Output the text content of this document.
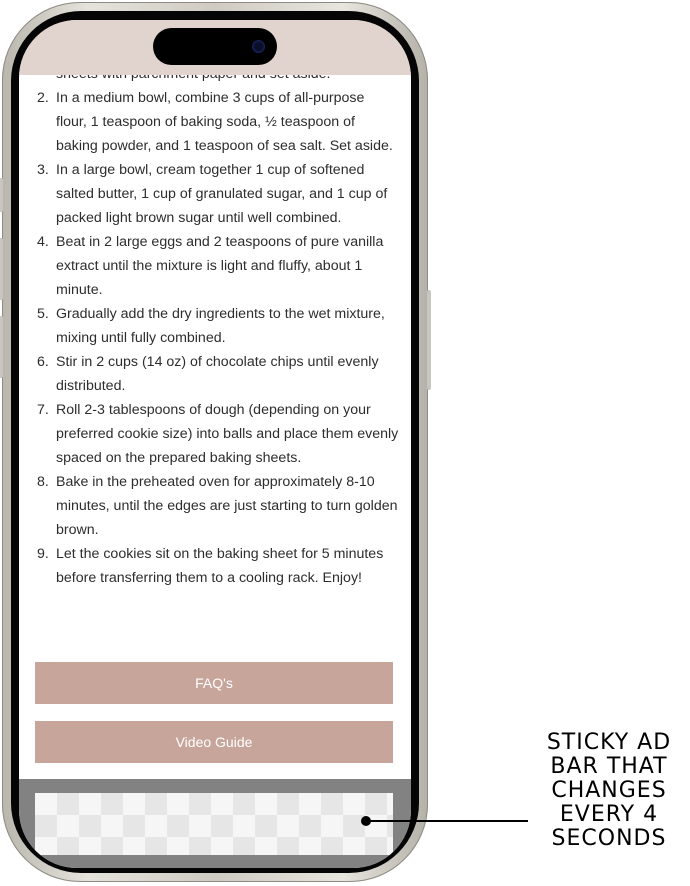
2. In a medium bowl, combine 3 cups of all-purpose flour, 1 teaspoon of baking soda, ½ teaspoon of baking powder, and 1 teaspoon of sea salt. Set aside.
3. In a large bowl, cream together 1 cup of softened salted butter, 1 cup of granulated sugar, and 1 cup of packed light brown sugar until well combined.
4. Beat in 2 large eggs and 2 teaspoons of pure vanilla extract until the mixture is light and fluffy, about 1 minute.
5. Gradually add the dry ingredients to the wet mixture, mixing until fully combined.
6. Stir in 2 cups (14 oz) of chocolate chips until evenly distributed.
7. Roll 2-3 tablespoons of dough (depending on your preferred cookie size) into balls and place them evenly spaced on the prepared baking sheets.
8. Bake in the preheated oven for approximately 8-10 minutes, until the edges are just starting to turn golden brown.
9. Let the cookies sit on the baking sheet for 5 minutes before transferring them to a cooling rack. Enjoy!
FAQ's
Video Guide	STICKY AD
BAR THAT
CHANGES
EVERY 4
SECONDS
